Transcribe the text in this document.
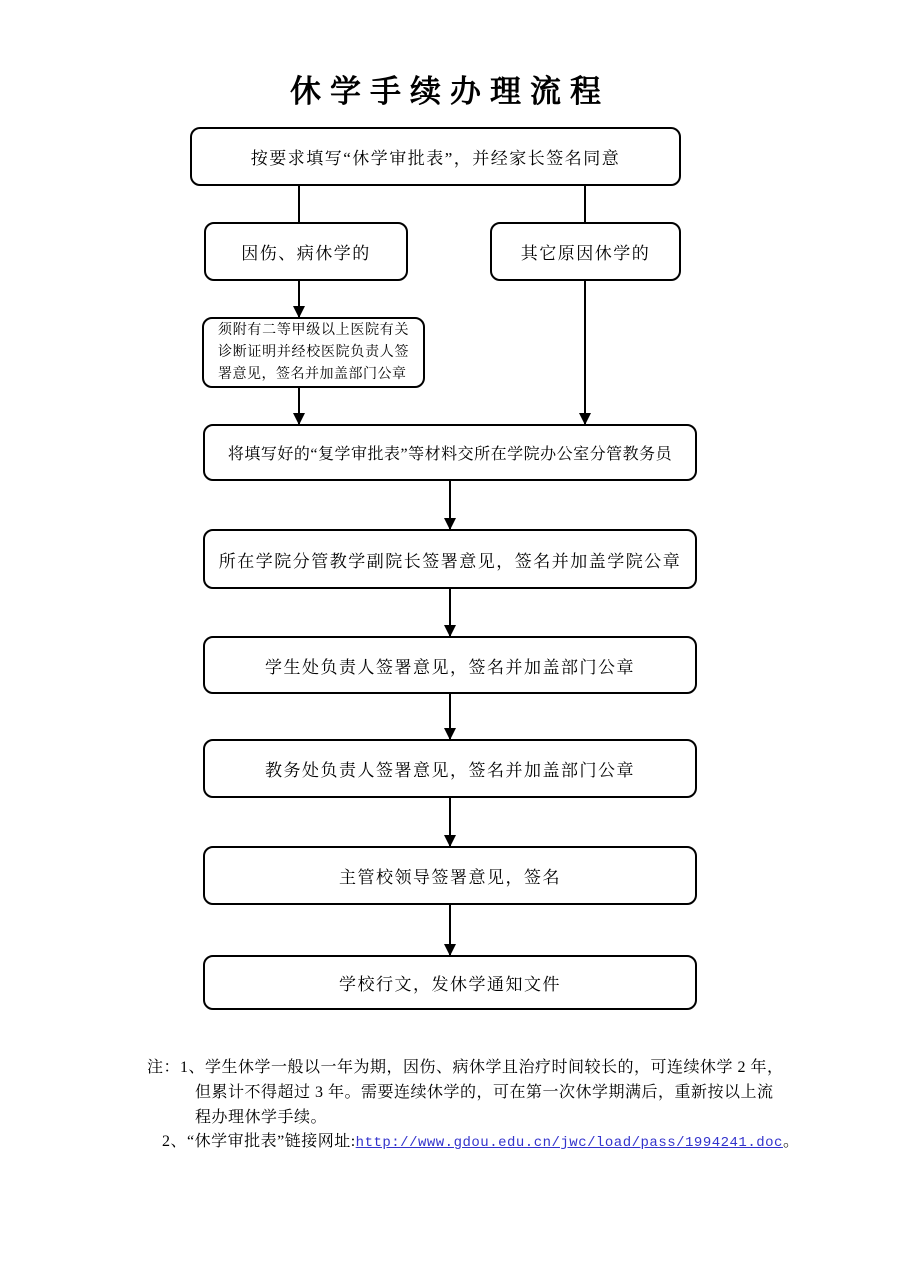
休学手续办理流程
按要求填写“休学审批表”，并经家长签名同意
因伤、病休学的	其它原因休学的
须附有二等甲级以上医院有关诊断证明并经校医院负责人签署意见，签名并加盖部门公章
将填写好的“复学审批表”等材料交所在学院办公室分管教务员
所在学院分管教学副院长签署意见，签名并加盖学院公章
学生处负责人签署意见，签名并加盖部门公章
教务处负责人签署意见，签名并加盖部门公章
主管校领导签署意见，签名
学校行文，发休学通知文件
注：1、学生休学一般以一年为期，因伤、病休学且治疗时间较长的，可连续休学 2 年，
但累计不得超过 3 年。需要连续休学的，可在第一次休学期满后，重新按以上流
程办理休学手续。
2、“休学审批表”链接网址:http://www.gdou.edu.cn/jwc/load/pass/1994241.doc。
